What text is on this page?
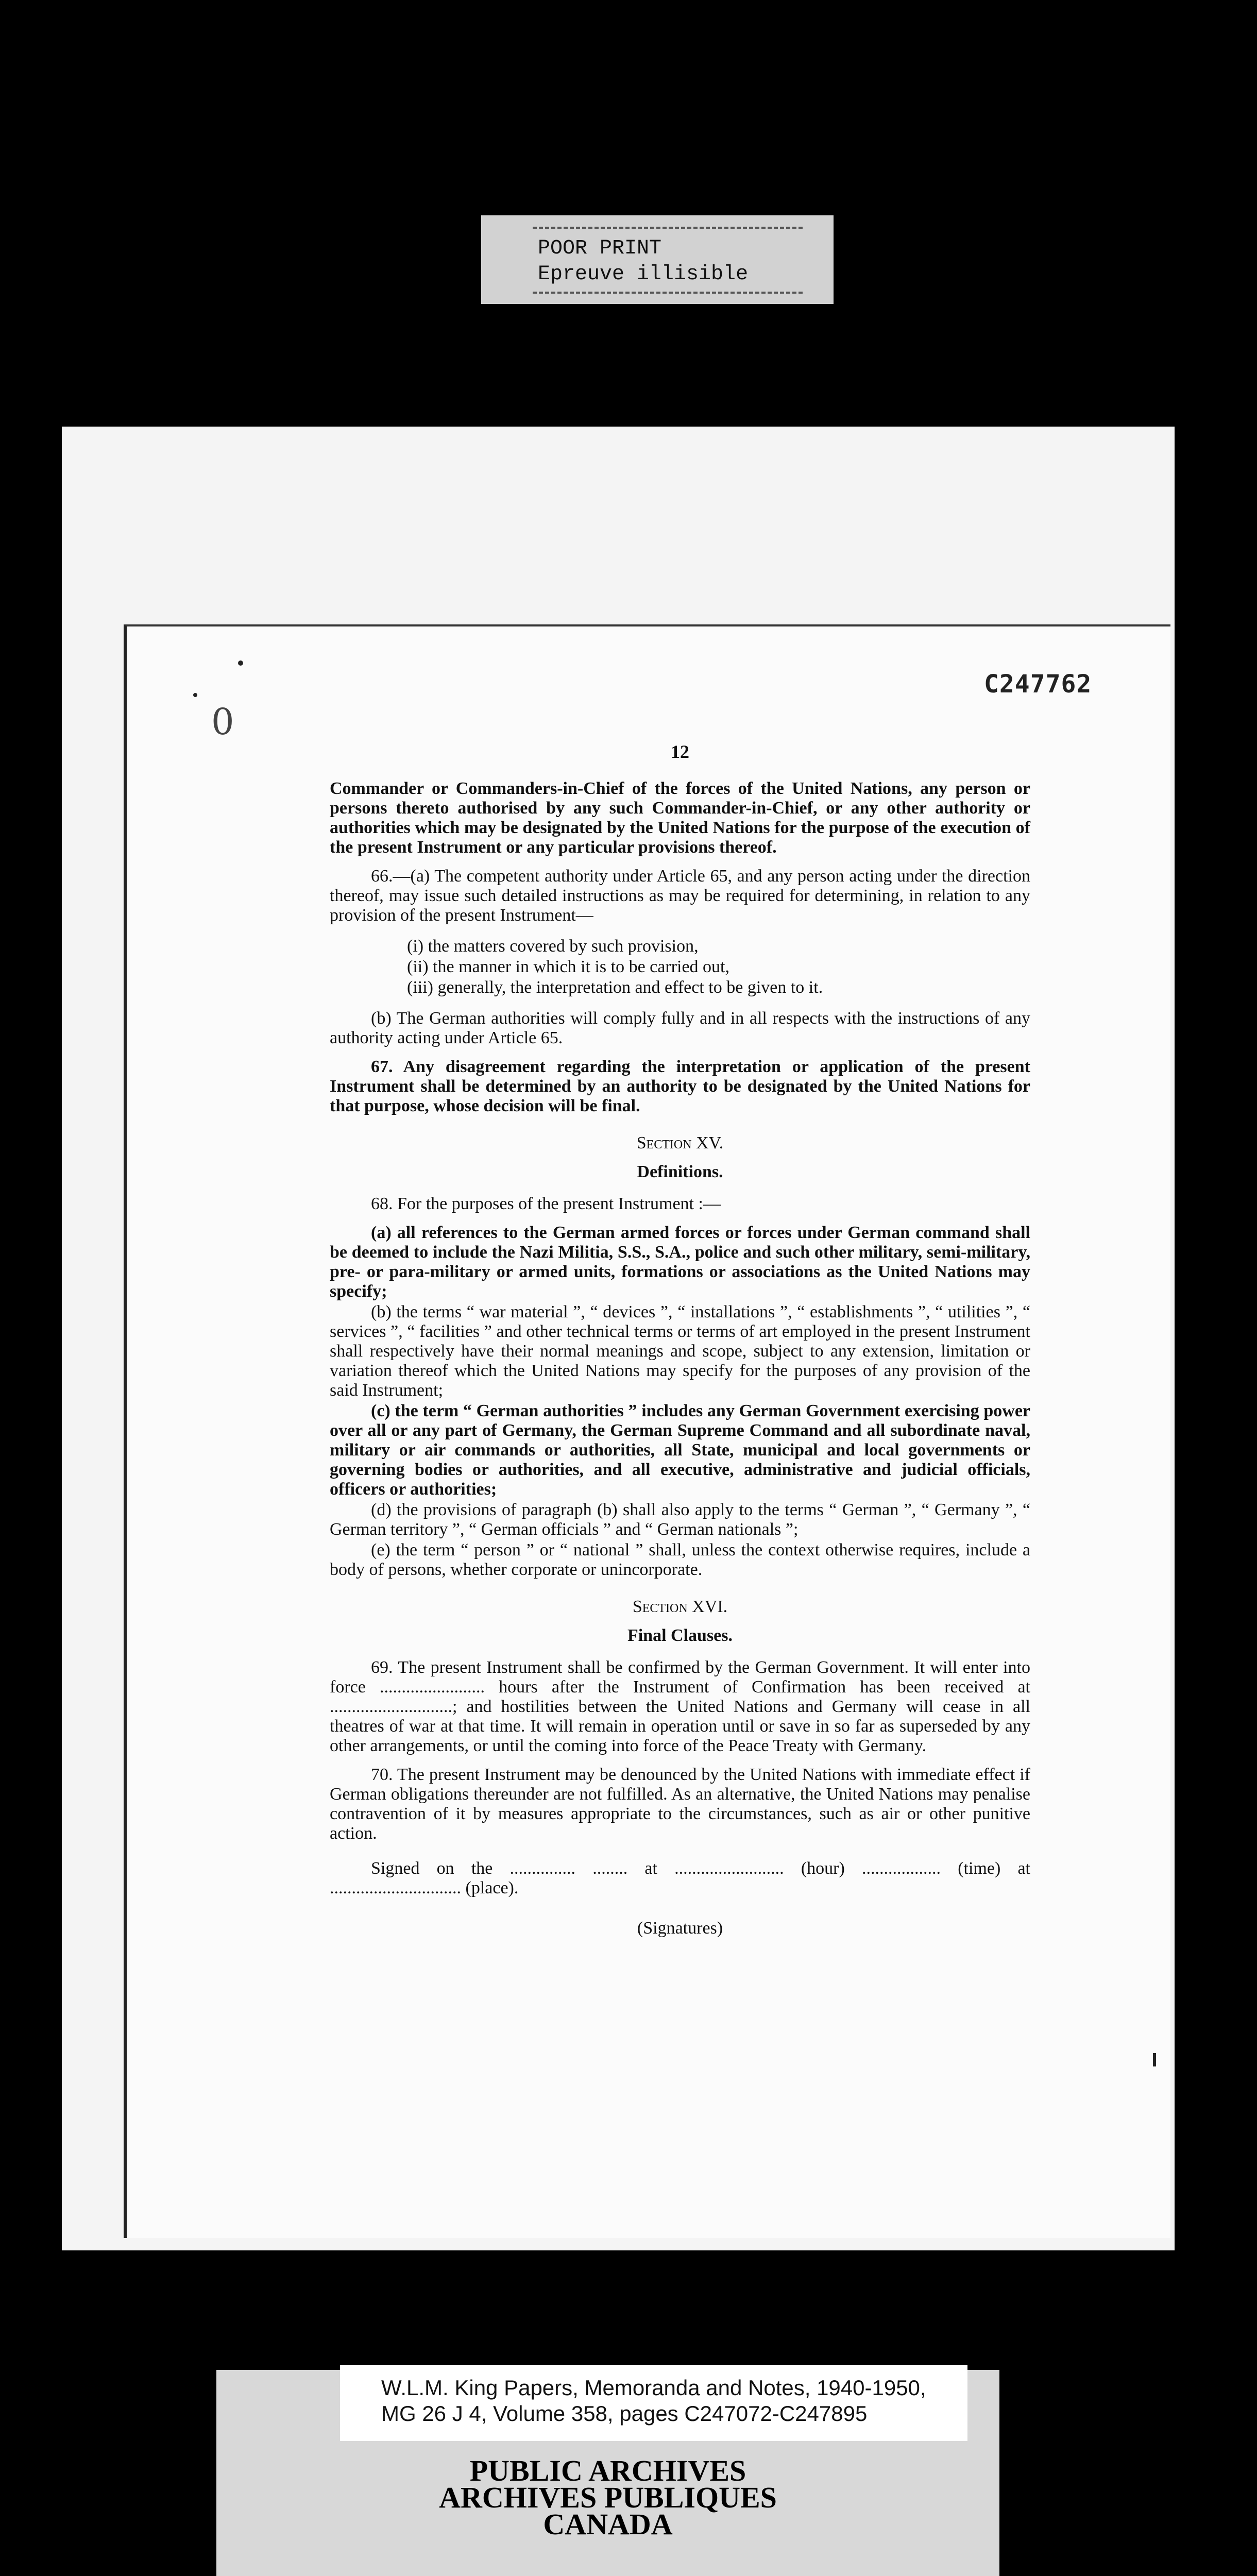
POOR PRINT
Epreuve illisible
0
C247762
12

Commander or Commanders-in-Chief of the forces of the United Nations, any person or persons thereto authorised by any such Commander-in-Chief, or any other authority or authorities which may be designated by the United Nations for the purpose of the execution of the present Instrument or any particular provisions thereof.

66.—(a) The competent authority under Article 65, and any person acting under the direction thereof, may issue such detailed instructions as may be required for determining, in relation to any provision of the present Instrument—

(i) the matters covered by such provision,
(ii) the manner in which it is to be carried out,
(iii) generally, the interpretation and effect to be given to it.

(b) The German authorities will comply fully and in all respects with the instructions of any authority acting under Article 65.

67. Any disagreement regarding the interpretation or application of the present Instrument shall be determined by an authority to be designated by the United Nations for that purpose, whose decision will be final.

Section XV.
Definitions.

68. For the purposes of the present Instrument :—

(a) all references to the German armed forces or forces under German command shall be deemed to include the Nazi Militia, S.S., S.A., police and such other military, semi-military, pre- or para-military or armed units, formations or associations as the United Nations may specify;

(b) the terms “ war material ”, “ devices ”, “ installations ”, “ establishments ”, “ utilities ”, “ services ”, “ facilities ” and other technical terms or terms of art employed in the present Instrument shall respectively have their normal meanings and scope, subject to any extension, limitation or variation thereof which the United Nations may specify for the purposes of any provision of the said Instrument;

(c) the term “ German authorities ” includes any German Government exercising power over all or any part of Germany, the German Supreme Command and all subordinate naval, military or air commands or authorities, all State, municipal and local governments or governing bodies or authorities, and all executive, administrative and judicial officials, officers or authorities;

(d) the provisions of paragraph (b) shall also apply to the terms “ German ”, “ Germany ”, “ German territory ”, “ German officials ” and “ German nationals ”;

(e) the term “ person ” or “ national ” shall, unless the context otherwise requires, include a body of persons, whether corporate or unincorporate.

Section XVI.
Final Clauses.

69. The present Instrument shall be confirmed by the German Government. It will enter into force ........................ hours after the Instrument of Confirmation has been received at ............................; and hostilities between the United Nations and Germany will cease in all theatres of war at that time. It will remain in operation until or save in so far as superseded by any other arrangements, or until the coming into force of the Peace Treaty with Germany.

70. The present Instrument may be denounced by the United Nations with immediate effect if German obligations thereunder are not fulfilled. As an alternative, the United Nations may penalise contravention of it by measures appropriate to the circumstances, such as air or other punitive action.

Signed on the ............... ........ at ......................... (hour) .................. (time) at .............................. (place).

(Signatures)
W.L.M. King Papers, Memoranda and Notes, 1940-1950,
MG 26 J 4, Volume 358, pages C247072-C247895
PUBLIC ARCHIVES
ARCHIVES PUBLIQUES
CANADA
